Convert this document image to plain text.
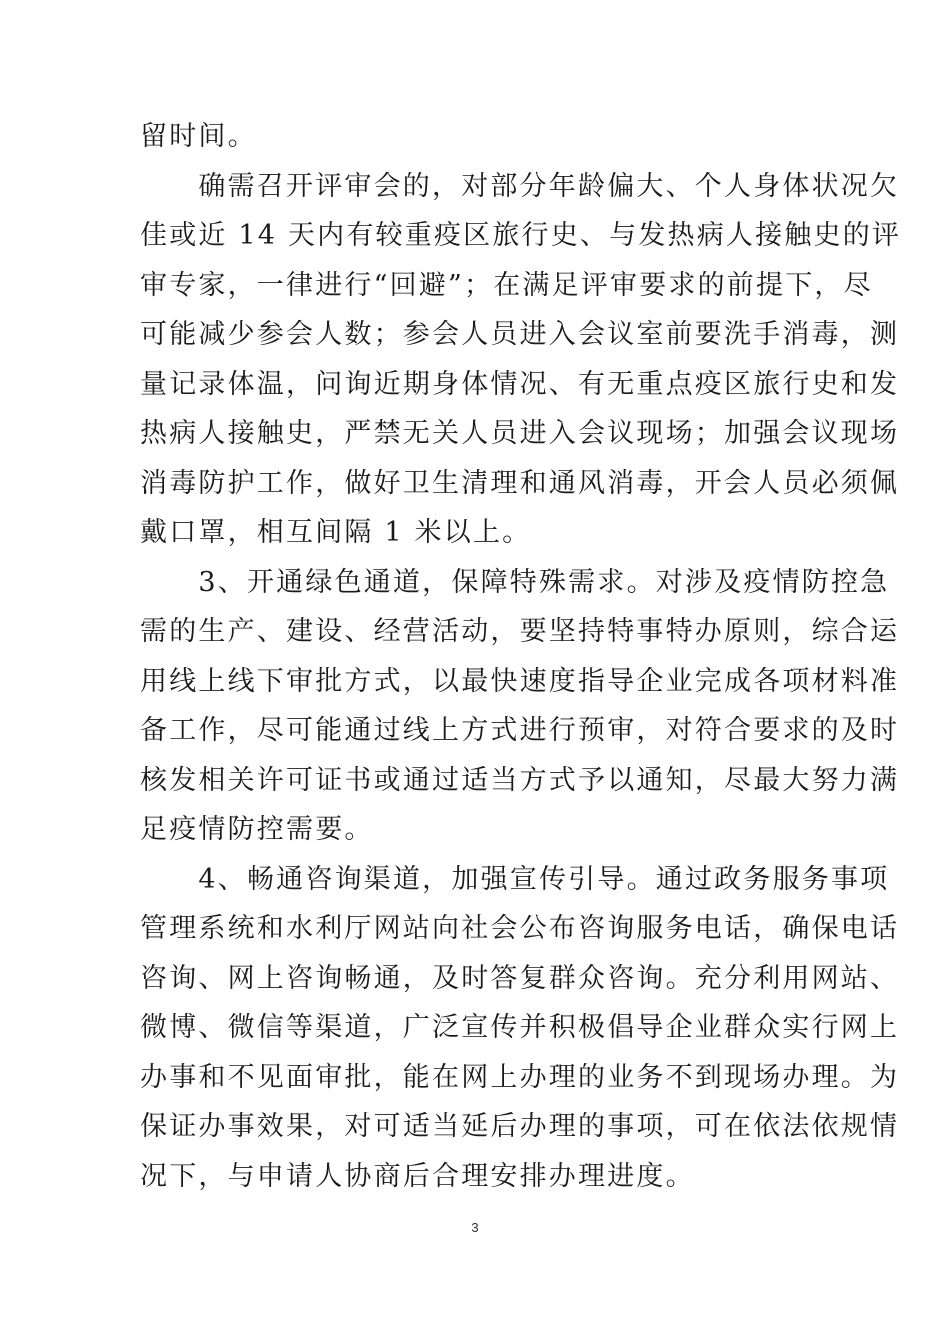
留时间。
　　确需召开评审会的，对部分年龄偏大、个人身体状况欠
佳或近 14 天内有较重疫区旅行史、与发热病人接触史的评
审专家，一律进行“回避”；在满足评审要求的前提下，尽
可能减少参会人数；参会人员进入会议室前要洗手消毒，测
量记录体温，问询近期身体情况、有无重点疫区旅行史和发
热病人接触史，严禁无关人员进入会议现场；加强会议现场
消毒防护工作，做好卫生清理和通风消毒，开会人员必须佩
戴口罩，相互间隔 1 米以上。
　　3、开通绿色通道，保障特殊需求。对涉及疫情防控急
需的生产、建设、经营活动，要坚持特事特办原则，综合运
用线上线下审批方式，以最快速度指导企业完成各项材料准
备工作，尽可能通过线上方式进行预审，对符合要求的及时
核发相关许可证书或通过适当方式予以通知，尽最大努力满
足疫情防控需要。
　　4、畅通咨询渠道，加强宣传引导。通过政务服务事项
管理系统和水利厅网站向社会公布咨询服务电话，确保电话
咨询、网上咨询畅通，及时答复群众咨询。充分利用网站、
微博、微信等渠道，广泛宣传并积极倡导企业群众实行网上
办事和不见面审批，能在网上办理的业务不到现场办理。为
保证办事效果，对可适当延后办理的事项，可在依法依规情
况下，与申请人协商后合理安排办理进度。
3
